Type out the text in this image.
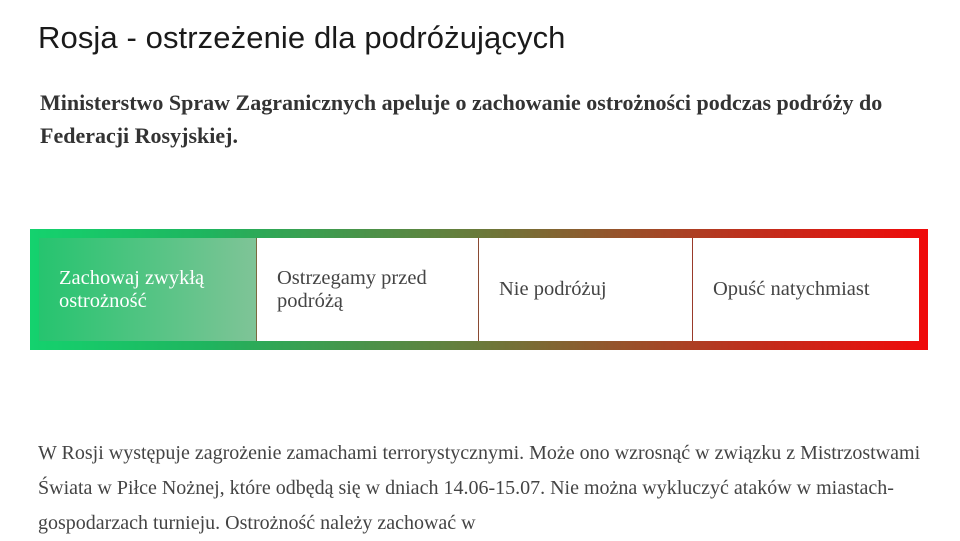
Rosja - ostrzeżenie dla podróżujących

Ministerstwo Spraw Zagranicznych apeluje o zachowanie ostrożności podczas podróży do Federacji Rosyjskiej.

Zachowaj zwykłą ostrożność
Ostrzegamy przed podróżą
Nie podróżuj	Opuść natychmiast

W Rosji występuje zagrożenie zamachami terrorystycznymi. Może ono wzrosnąć w związku z Mistrzostwami Świata w Piłce Nożnej, które odbędą się w dniach 14.06-15.07. Nie można wykluczyć ataków w miastach-gospodarzach turnieju. Ostrożność należy zachować w
